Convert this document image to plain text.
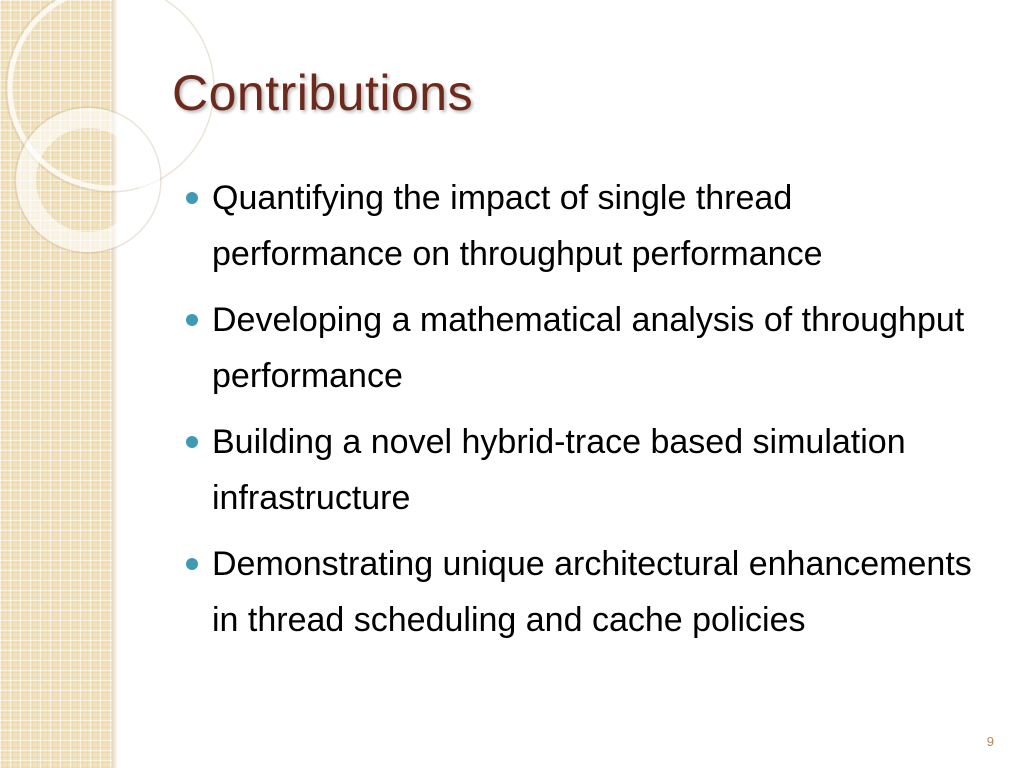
Contributions
Quantifying the impact of single thread performance on throughput performance
Developing a mathematical analysis of throughput performance
Building a novel hybrid-trace based simulation infrastructure
Demonstrating unique architectural enhancements in thread scheduling and cache policies
9
